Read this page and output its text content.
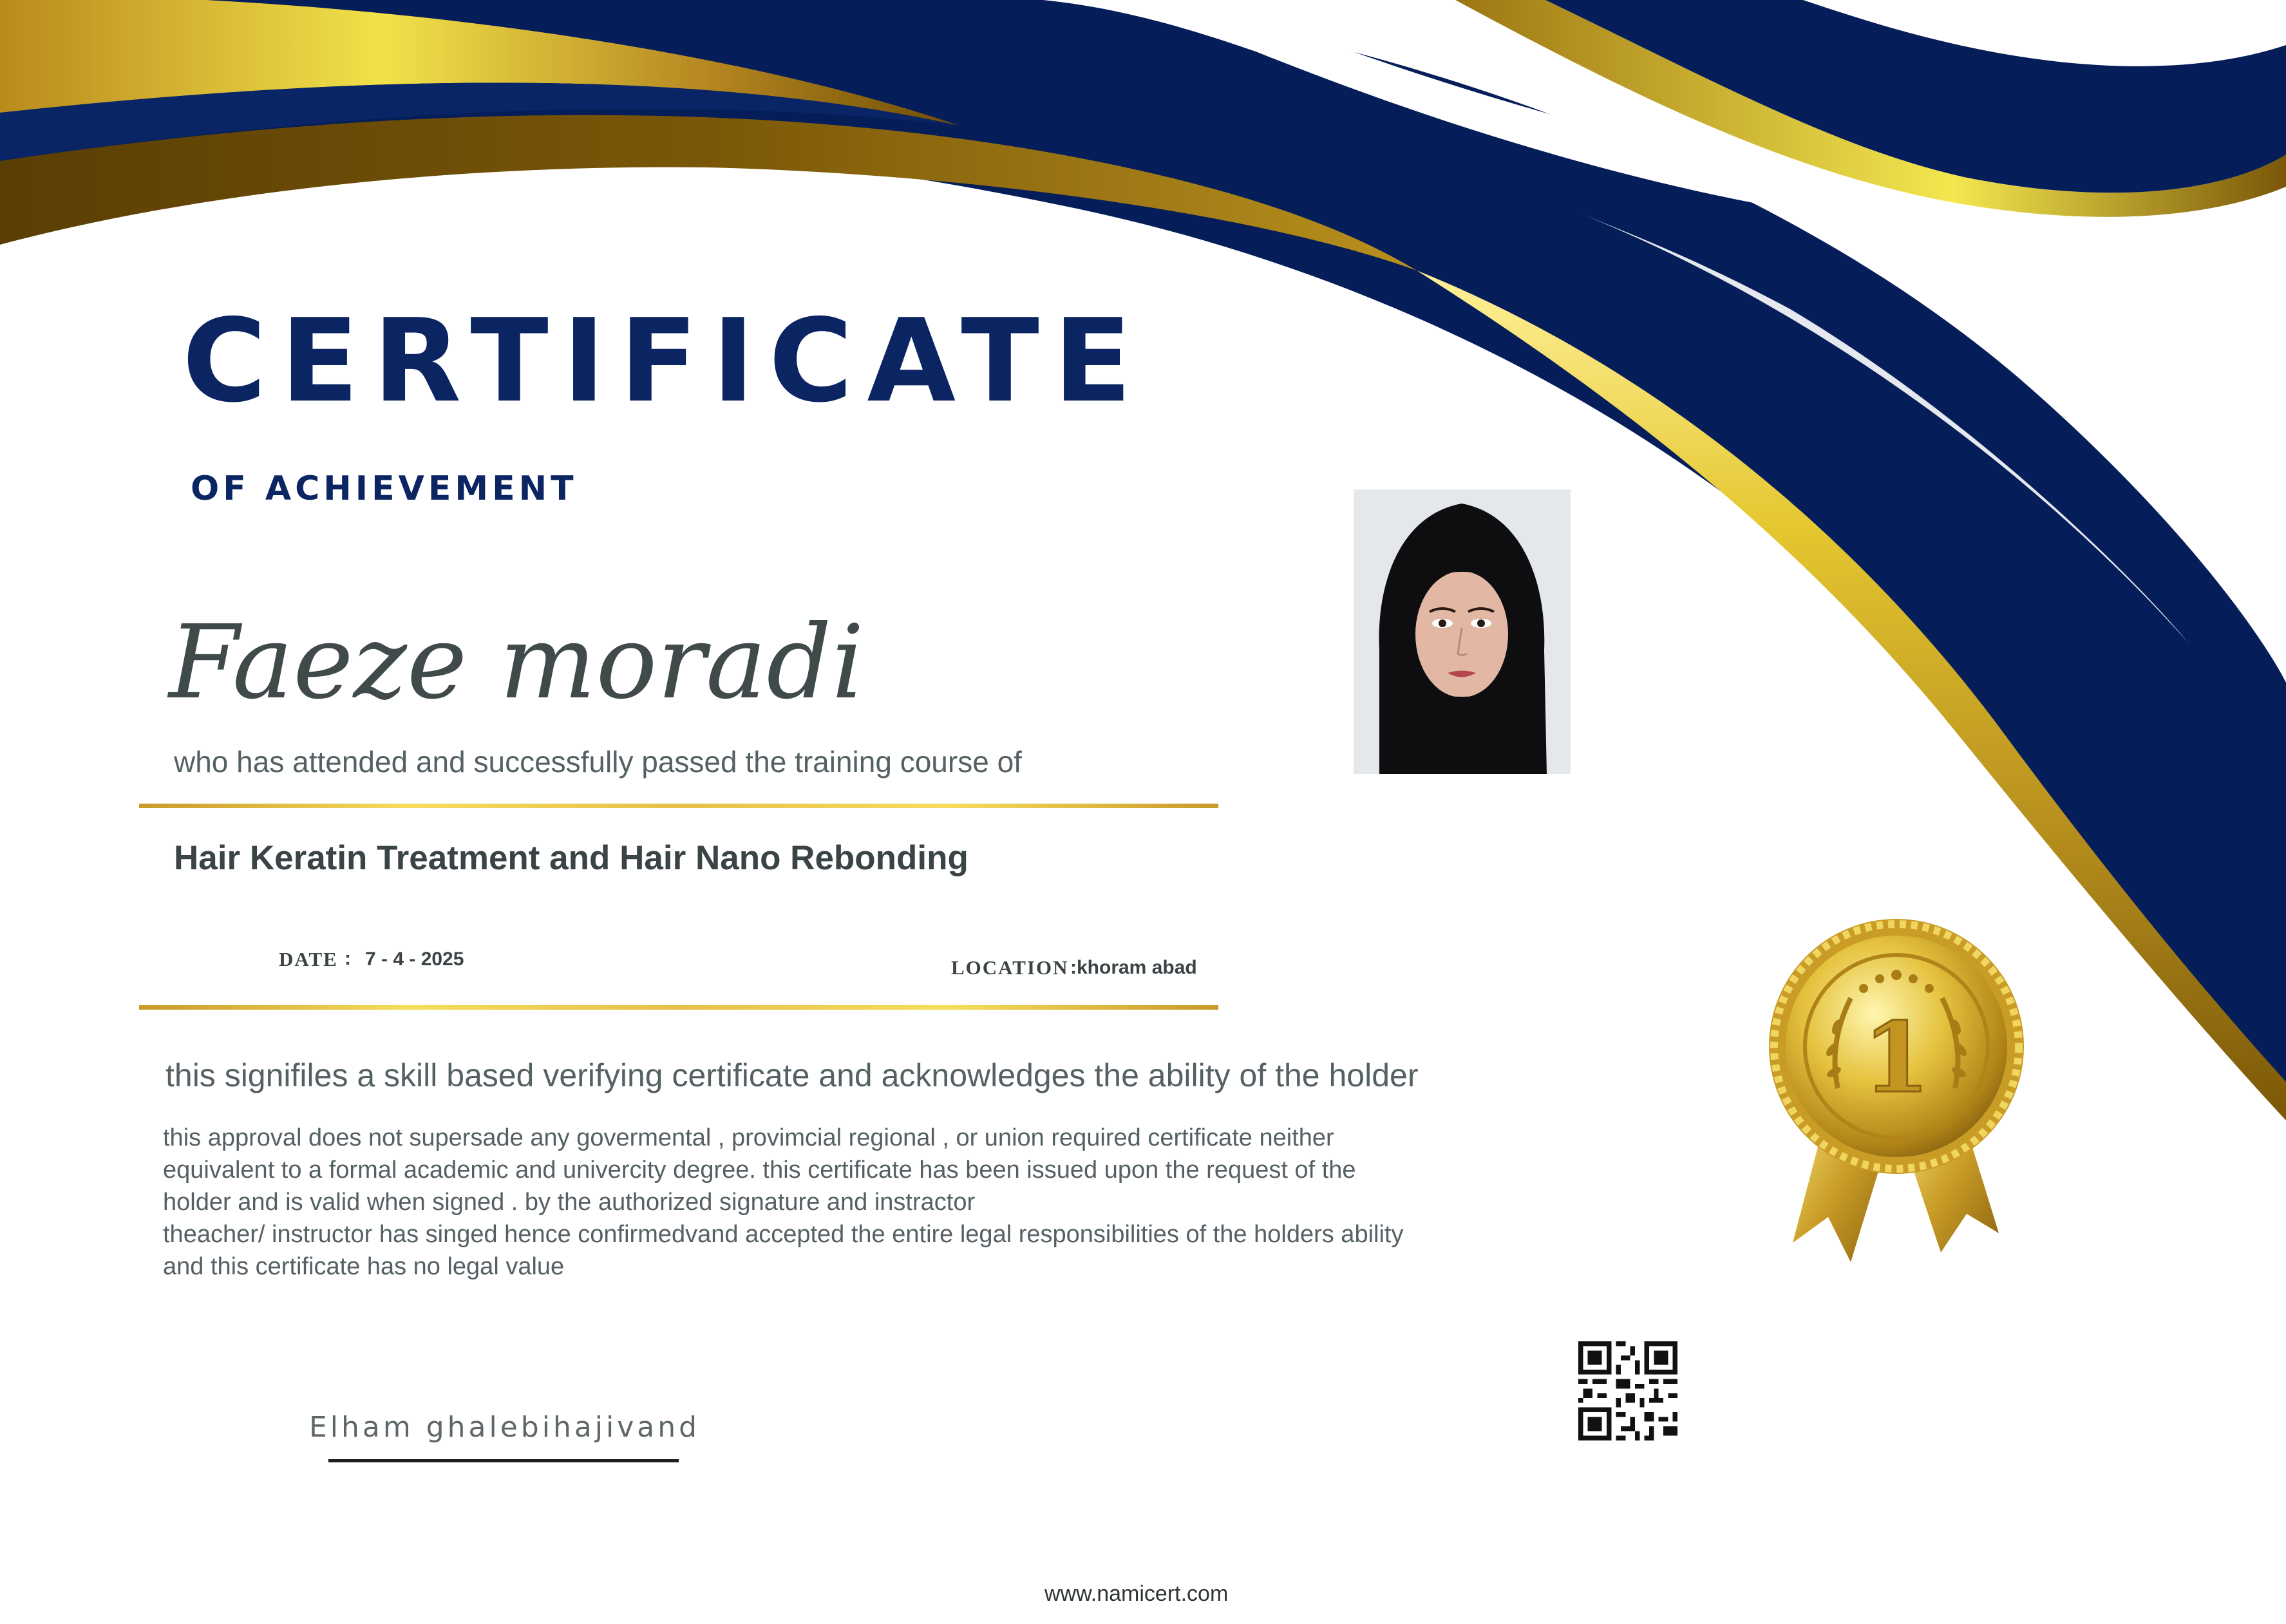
CERTIFICATE
OF ACHIEVEMENT
Faeze moradi
who has attended and successfully passed the training course of
Hair Keratin Treatment and Hair Nano Rebonding
DATE : 7 - 4 - 2025	LOCATION :khoram abad
this signifiles a skill based verifying certificate and acknowledges the ability of the holder
this approval does not supersade any govermental , provimcial regional , or union required certificate neither
equivalent to a formal academic and univercity degree. this certificate has been issued upon the request of the
holder and is valid when signed . by the authorized signature and instractor
theacher/ instructor has singed hence confirmedvand accepted the entire legal responsibilities of the holders ability
and this certificate has no legal value
Elham ghalebihajivand
www.namicert.com
1
